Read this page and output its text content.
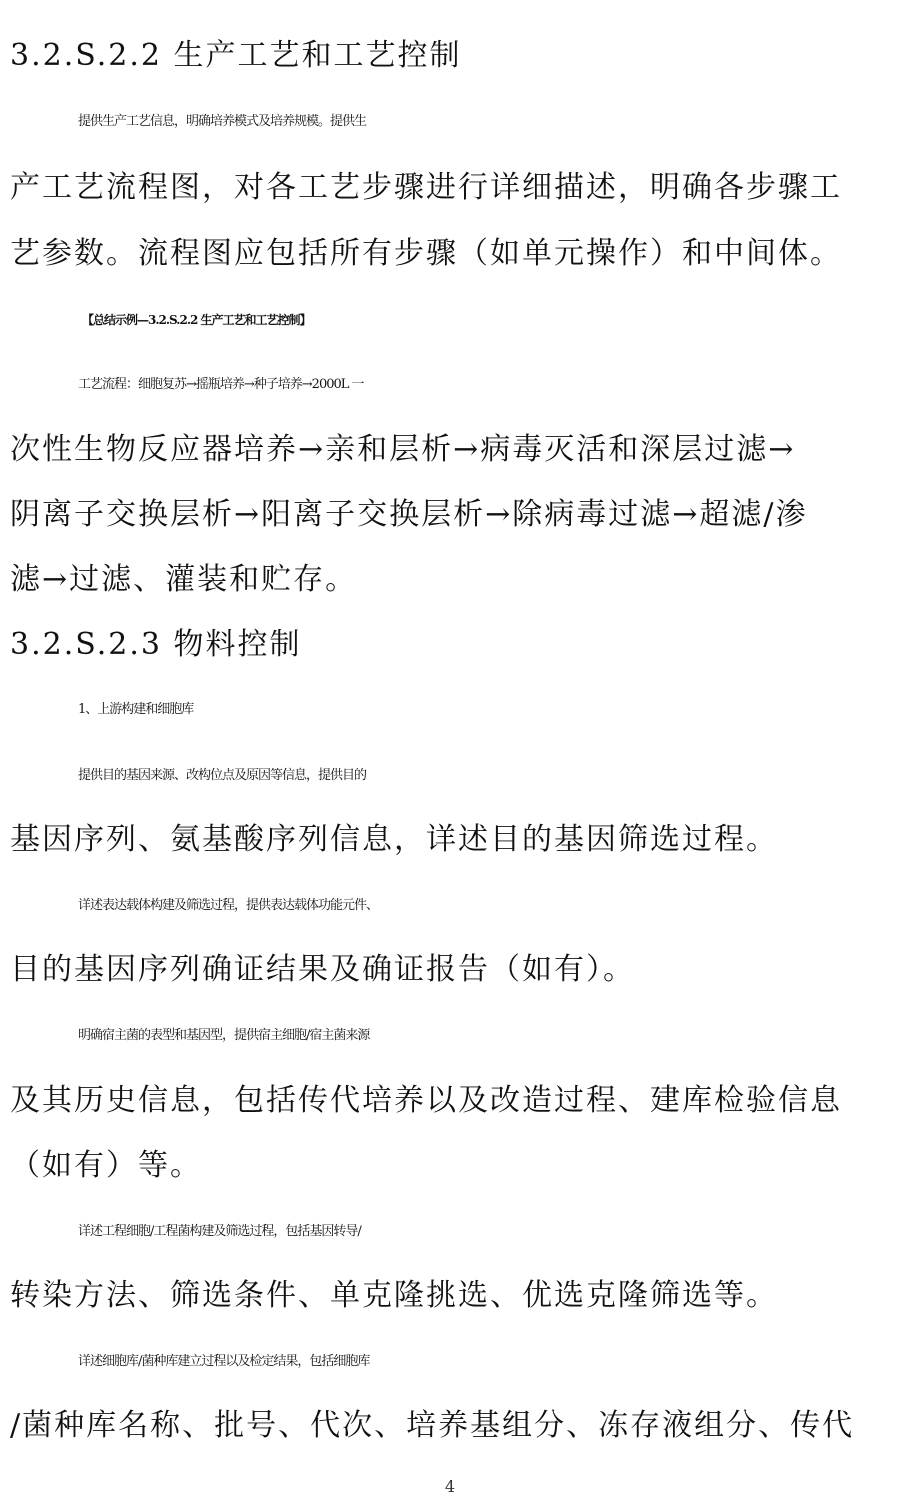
3.2.S.2.2 生产工艺和工艺控制
提供生产工艺信息，明确培养模式及培养规模。提供生
产工艺流程图，对各工艺步骤进行详细描述，明确各步骤工
艺参数。流程图应包括所有步骤（如单元操作）和中间体。
【总结示例—3.2.S.2.2 生产工艺和工艺控制】
工艺流程：细胞复苏→摇瓶培养→种子培养→2000L 一
次性生物反应器培养→亲和层析→病毒灭活和深层过滤→
阴离子交换层析→阳离子交换层析→除病毒过滤→超滤/渗
滤→过滤、灌装和贮存。
3.2.S.2.3 物料控制
1、上游构建和细胞库
提供目的基因来源、改构位点及原因等信息，提供目的
基因序列、氨基酸序列信息，详述目的基因筛选过程。
详述表达载体构建及筛选过程，提供表达载体功能元件、
目的基因序列确证结果及确证报告（如有）。
明确宿主菌的表型和基因型，提供宿主细胞/宿主菌来源
及其历史信息，包括传代培养以及改造过程、建库检验信息
（如有）等。
详述工程细胞/工程菌构建及筛选过程，包括基因转导/
转染方法、筛选条件、单克隆挑选、优选克隆筛选等。
详述细胞库/菌种库建立过程以及检定结果，包括细胞库
/菌种库名称、批号、代次、培养基组分、冻存液组分、传代
4
